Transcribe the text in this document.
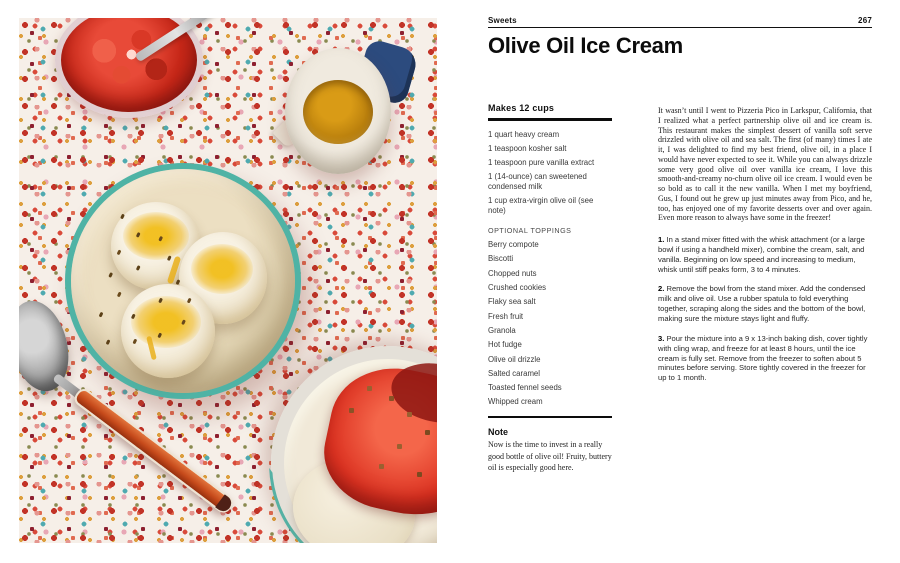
Sweets	267
Olive Oil Ice Cream
Makes 12 cups
1 quart heavy cream
1 teaspoon kosher salt
1 teaspoon pure vanilla extract
1 (14-ounce) can sweetened condensed milk
1 cup extra-virgin olive oil (see note)
OPTIONAL TOPPINGS
Berry compote
Biscotti
Chopped nuts
Crushed cookies
Flaky sea salt
Fresh fruit
Granola
Hot fudge
Olive oil drizzle
Salted caramel
Toasted fennel seeds
Whipped cream
Note
Now is the time to invest in a really good bottle of olive oil! Fruity, buttery oil is especially good here.

It wasn’t until I went to Pizzeria Pico in Larkspur, California, that I realized what a perfect partnership olive oil and ice cream is. This restaurant makes the simplest dessert of vanilla soft serve drizzled with olive oil and sea salt. The first (of many) times I ate it, I was delighted to find my best friend, olive oil, in a place I would have never expected to see it. While you can always drizzle some very good olive oil over vanilla ice cream, I love this smooth-and-creamy no-churn olive oil ice cream. I would even be so bold as to call it the new vanilla. When I met my boyfriend, Gus, I found out he grew up just minutes away from Pico, and he, too, has enjoyed one of my favorite desserts over and over again. Even more reason to always have some in the freezer!

1. In a stand mixer fitted with the whisk attachment (or a large bowl if using a handheld mixer), combine the cream, salt, and vanilla. Beginning on low speed and increasing to medium, whisk until stiff peaks form, 3 to 4 minutes.

2. Remove the bowl from the stand mixer. Add the condensed milk and olive oil. Use a rubber spatula to fold everything together, scraping along the sides and the bottom of the bowl, making sure the mixture stays light and fluffy.

3. Pour the mixture into a 9 x 13-inch baking dish, cover tightly with cling wrap, and freeze for at least 8 hours, until the ice cream is fully set. Remove from the freezer to soften about 5 minutes before serving. Store tightly covered in the freezer for up to 1 month.
